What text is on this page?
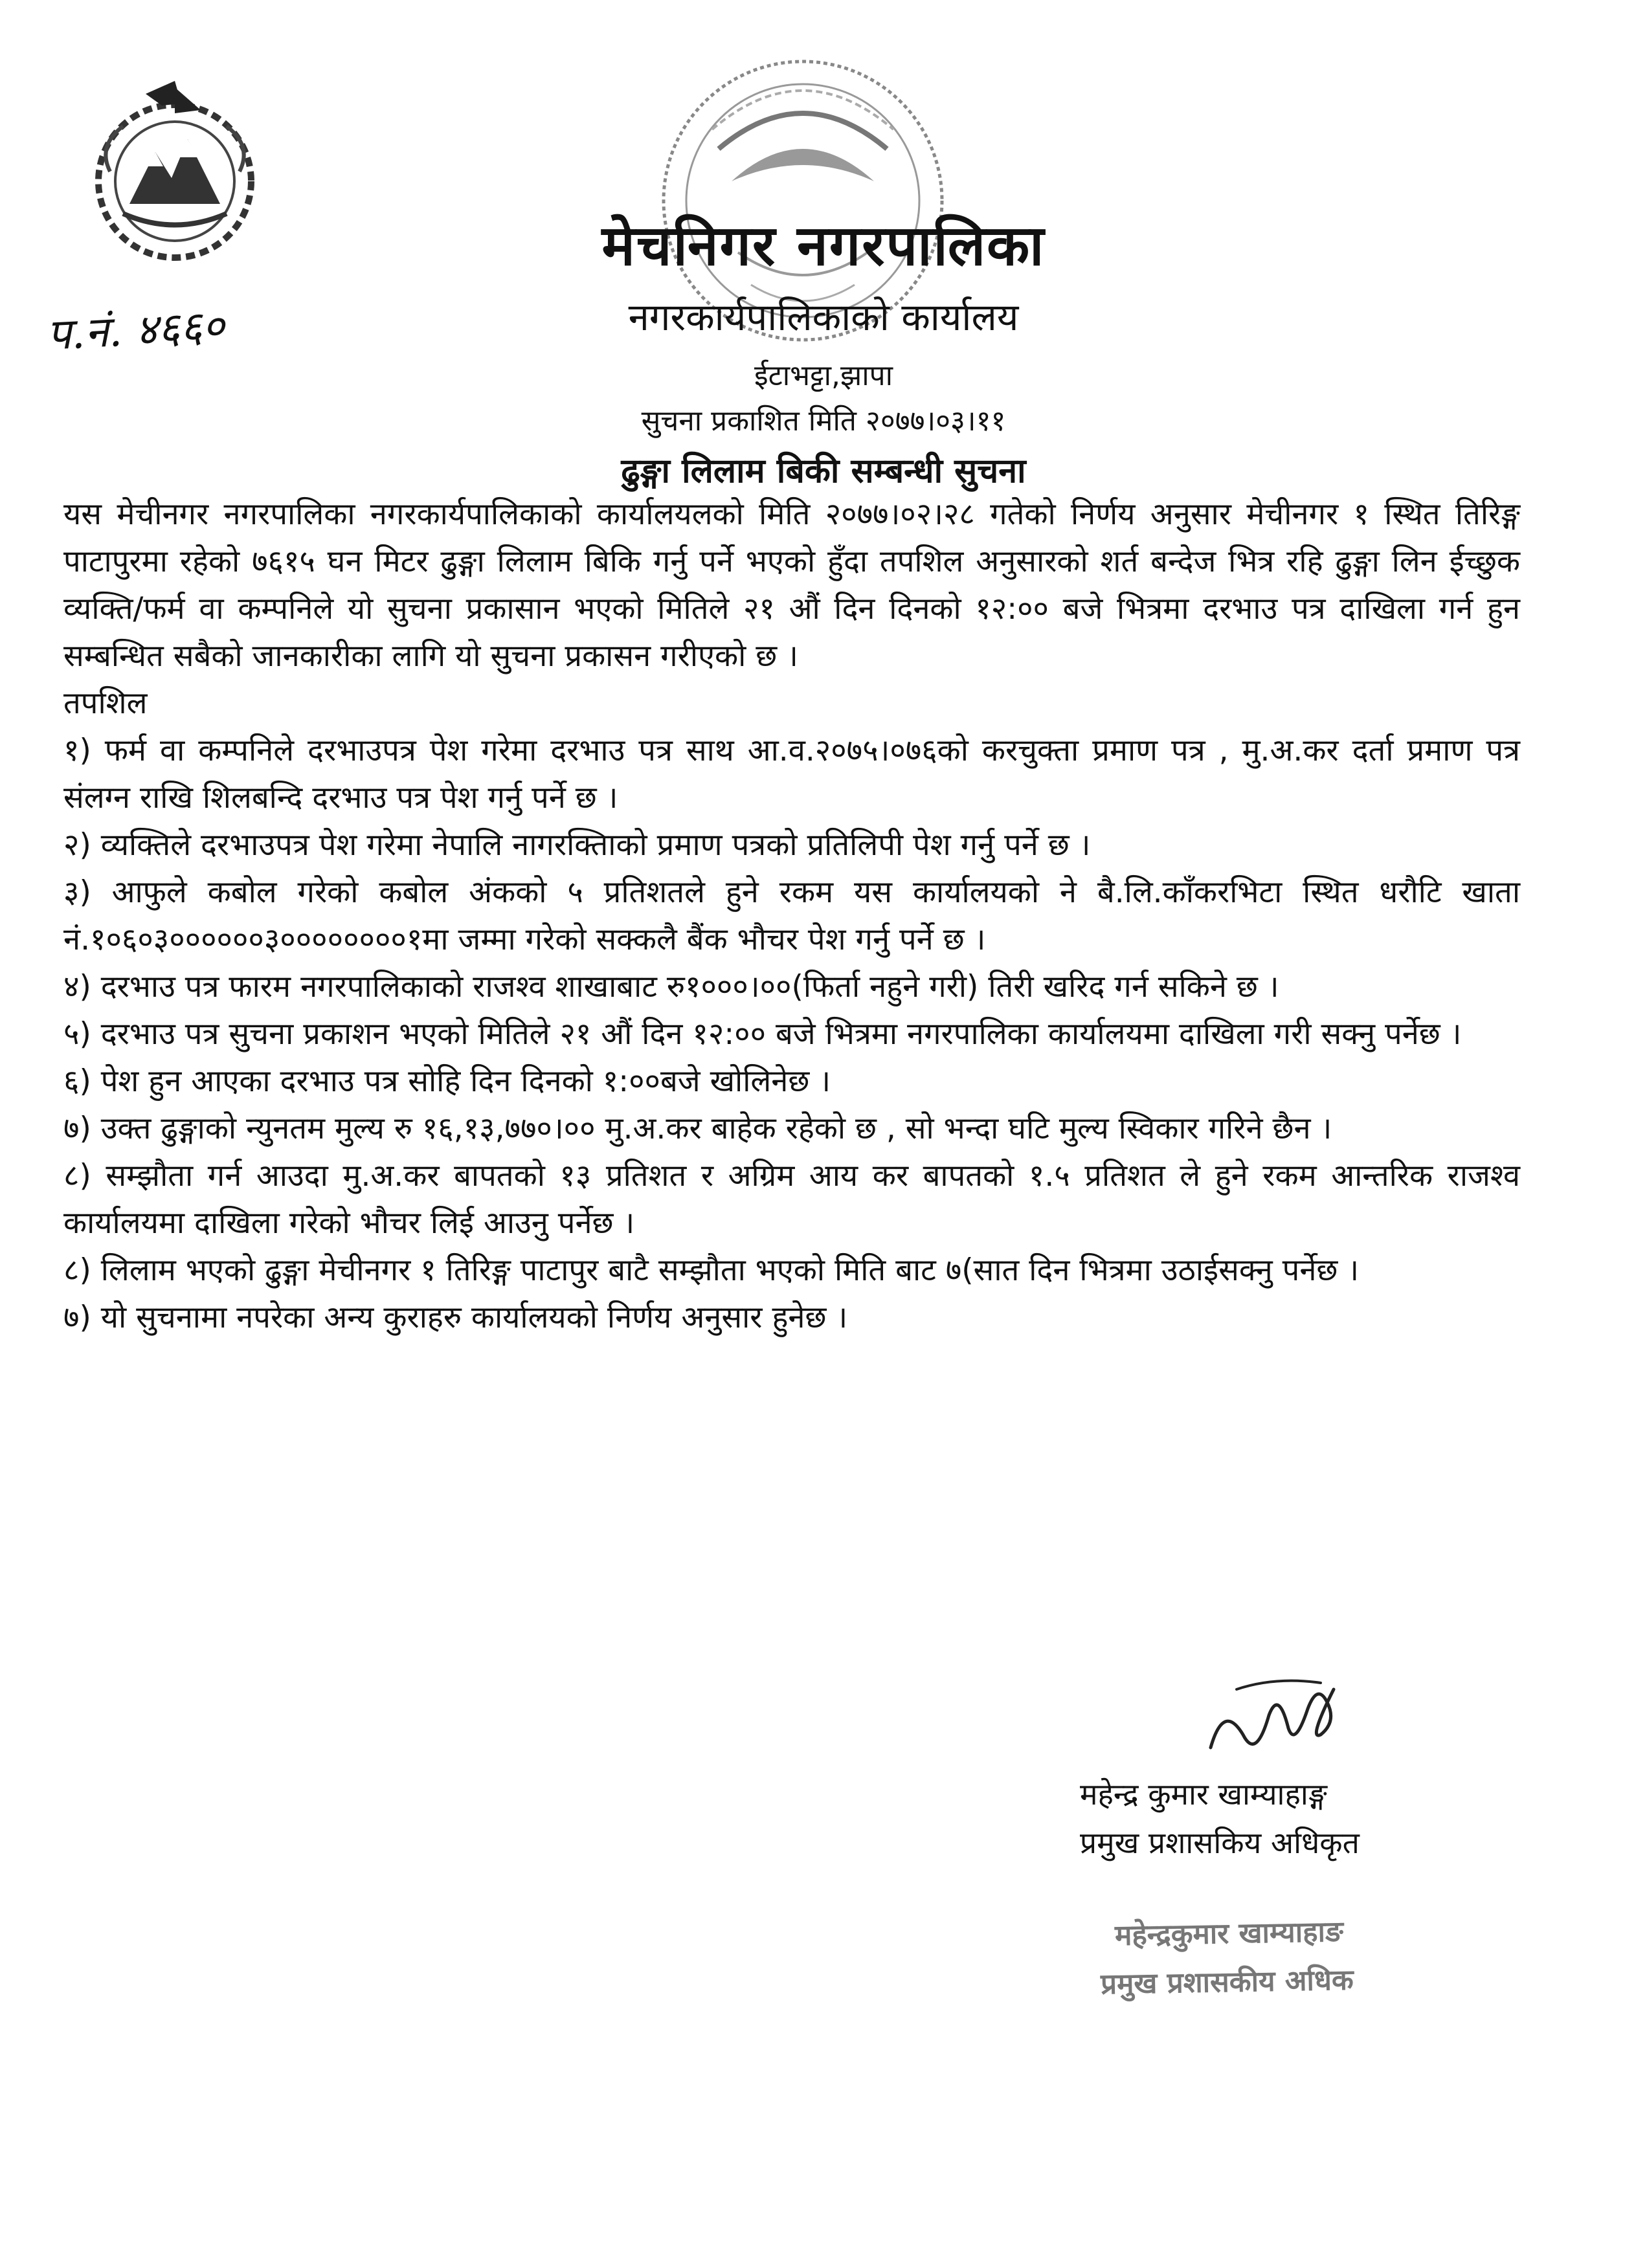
प.नं. ४६६०
मेचनिगर नगरपालिका
नगरकार्यपालिकाको कार्यालय
ईटाभट्टा,झापा
सुचना प्रकाशित मिति २०७७।०३।११
ढुङ्गा लिलाम बिकी सम्बन्धी सुचना

यस मेचीनगर नगरपालिका नगरकार्यपालिकाको कार्यालयलको मिति २०७७।०२।२८ गतेको निर्णय अनुसार मेचीनगर १ स्थित तिरिङ्ग पाटापुरमा रहेको ७६१५ घन मिटर ढुङ्गा लिलाम बिकि गर्नु पर्ने भएको हुँदा तपशिल अनुसारको शर्त बन्देज भित्र रहि ढुङ्गा लिन ईच्छुक व्यक्ति/फर्म वा कम्पनिले यो सुचना प्रकासान भएको मितिले २१ औं दिन दिनको १२:०० बजे भित्रमा दरभाउ पत्र दाखिला गर्न हुन सम्बन्धित सबैको जानकारीका लागि यो सुचना प्रकासन गरीएको छ ।

तपशिल

१) फर्म वा कम्पनिले दरभाउपत्र पेश गरेमा दरभाउ पत्र साथ आ.व.२०७५।०७६को करचुक्ता प्रमाण पत्र , मु.अ.कर दर्ता प्रमाण पत्र संलग्न राखि शिलबन्दि दरभाउ पत्र पेश गर्नु पर्ने छ ।

२) व्यक्तिले दरभाउपत्र पेश गरेमा नेपालि नागरक्तिाको प्रमाण पत्रको प्रतिलिपी पेश गर्नु पर्ने छ ।

३) आफुले कबोल गरेको कबोल अंकको ५ प्रतिशतले हुने रकम यस कार्यालयको ने बै.लि.काँकरभिटा स्थित धरौटि खाता नं.१०६०३००००००३००००००००१मा जम्मा गरेको सक्कलै बैंक भौचर पेश गर्नु पर्ने छ ।

४) दरभाउ पत्र फारम नगरपालिकाको राजश्व शाखाबाट रु१०००।००(फिर्ता नहुने गरी) तिरी खरिद गर्न सकिने छ ।

५) दरभाउ पत्र सुचना प्रकाशन भएको मितिले २१ औं दिन १२:०० बजे भित्रमा नगरपालिका कार्यालयमा दाखिला गरी सक्नु पर्नेछ ।

६) पेश हुन आएका दरभाउ पत्र सोहि दिन दिनको १:००बजे खोलिनेछ ।

७) उक्त ढुङ्गाको न्युनतम मुल्य रु १६,१३,७७०।०० मु.अ.कर बाहेक रहेको छ , सो भन्दा घटि मुल्य स्विकार गरिने छैन ।

८) सम्झौता गर्न आउदा मु.अ.कर बापतको १३ प्रतिशत र अग्रिम आय कर बापतको १.५ प्रतिशत ले हुने रकम आन्तरिक राजश्व कार्यालयमा दाखिला गरेको भौचर लिई आउनु पर्नेछ ।

८) लिलाम भएको ढुङ्गा मेचीनगर १ तिरिङ्ग पाटापुर बाटै सम्झौता भएको मिति बाट ७(सात दिन भित्रमा उठाईसक्नु पर्नेछ ।

७) यो सुचनामा नपरेका अन्य कुराहरु कार्यालयको निर्णय अनुसार हुनेछ ।

महेन्द्र कुमार खाम्याहाङ्ग
प्रमुख प्रशासकिय अधिकृत
महेन्द्रकुमार खाम्याहाङ
प्रमुख प्रशासकीय अधिक
